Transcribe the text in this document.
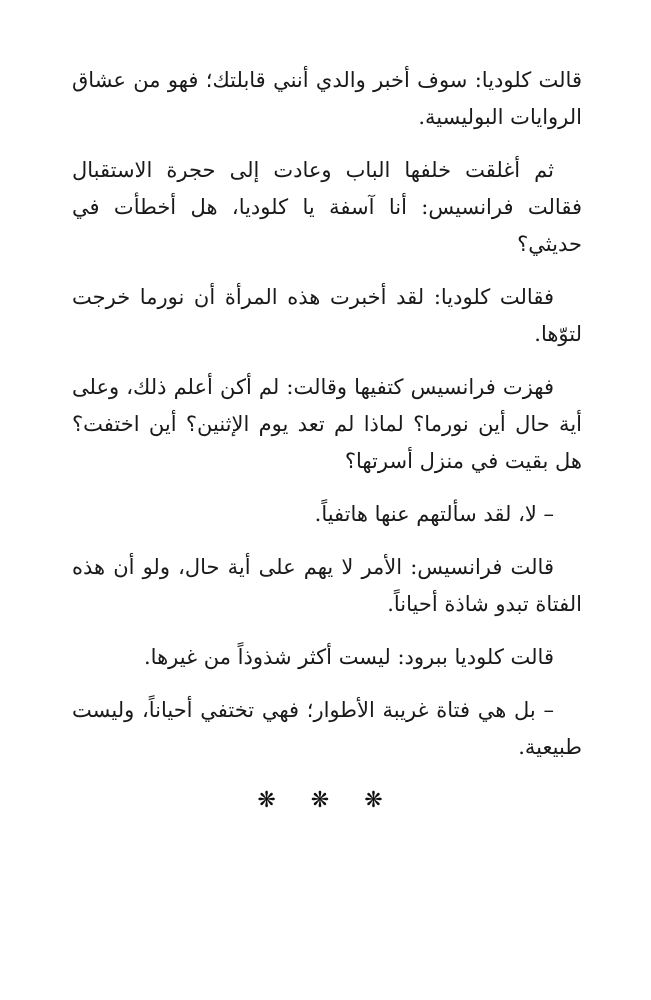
قالت كلوديا: سوف أخبر والدي أنني قابلتك؛ فهو من عشاق الروايات البوليسية.

ثم أغلقت خلفها الباب وعادت إلى حجرة الاستقبال فقالت فرانسيس: أنا آسفة يا كلوديا، هل أخطأت في حديثي؟

فقالت كلوديا: لقد أخبرت هذه المرأة أن نورما خرجت لتوّها.

فهزت فرانسيس كتفيها وقالت: لم أكن أعلم ذلك، وعلى أية حال أين نورما؟ لماذا لم تعد يوم الإثنين؟ أين اختفت؟ هل بقيت في منزل أسرتها؟

– لا، لقد سألتهم عنها هاتفياً.

قالت فرانسيس: الأمر لا يهم على أية حال، ولو أن هذه الفتاة تبدو شاذة أحياناً.

قالت كلوديا ببرود: ليست أكثر شذوذاً من غيرها.

– بل هي فتاة غريبة الأطوار؛ فهي تختفي أحياناً، وليست طبيعية.

❋ ❋ ❋
